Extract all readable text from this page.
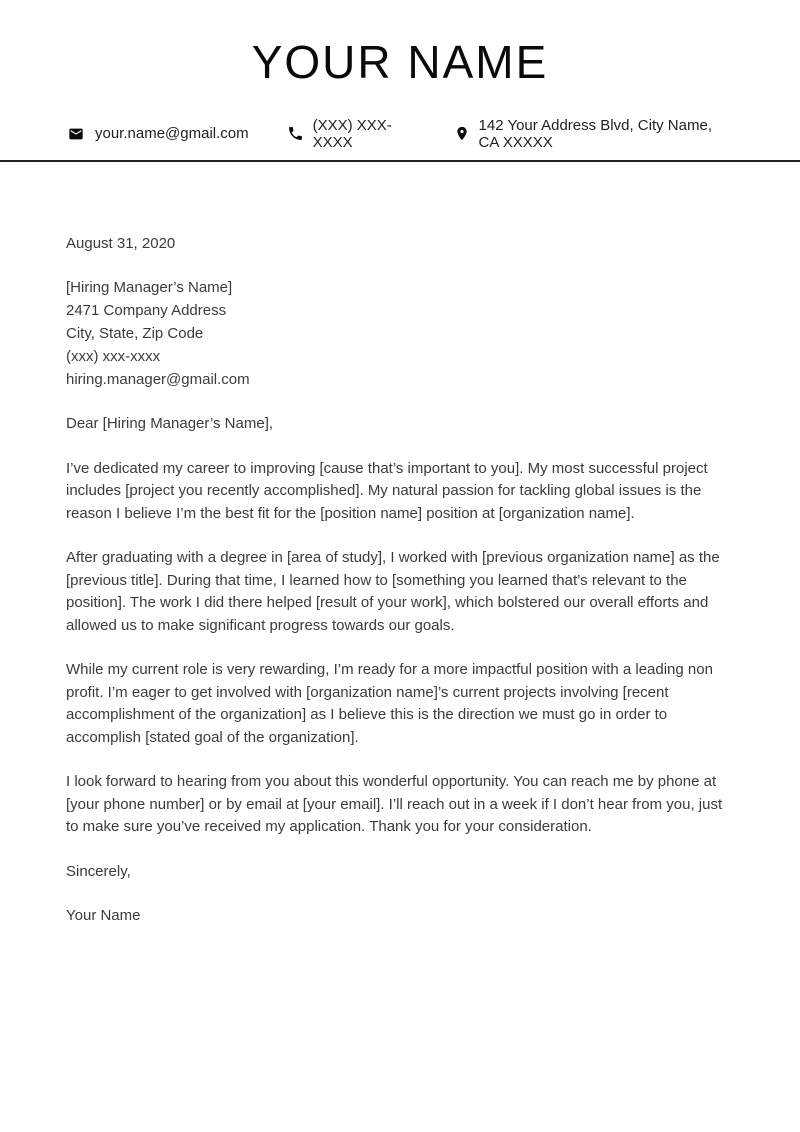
YOUR NAME
your.name@gmail.com	(XXX) XXX-XXXX
142 Your Address Blvd, City Name, CA XXXXX
August 31, 2020
[Hiring Manager’s Name]
2471 Company Address
City, State, Zip Code
(xxx) xxx-xxxx
hiring.manager@gmail.com

Dear [Hiring Manager’s Name],

I’ve dedicated my career to improving [cause that’s important to you]. My most successful project includes [project you recently accomplished]. My natural passion for tackling global issues is the reason I believe I’m the best fit for the [position name] position at [organization name].

After graduating with a degree in [area of study], I worked with [previous organization name] as the [previous title]. During that time, I learned how to [something you learned that’s relevant to the position]. The work I did there helped [result of your work], which bolstered our overall efforts and allowed us to make significant progress towards our goals.

While my current role is very rewarding, I’m ready for a more impactful position with a leading non profit. I’m eager to get involved with [organization name]’s current projects involving [recent accomplishment of the organization] as I believe this is the direction we must go in order to accomplish [stated goal of the organization].

I look forward to hearing from you about this wonderful opportunity. You can reach me by phone at [your phone number] or by email at [your email]. I’ll reach out in a week if I don’t hear from you, just to make sure you’ve received my application. Thank you for your consideration.

Sincerely,

Your Name
